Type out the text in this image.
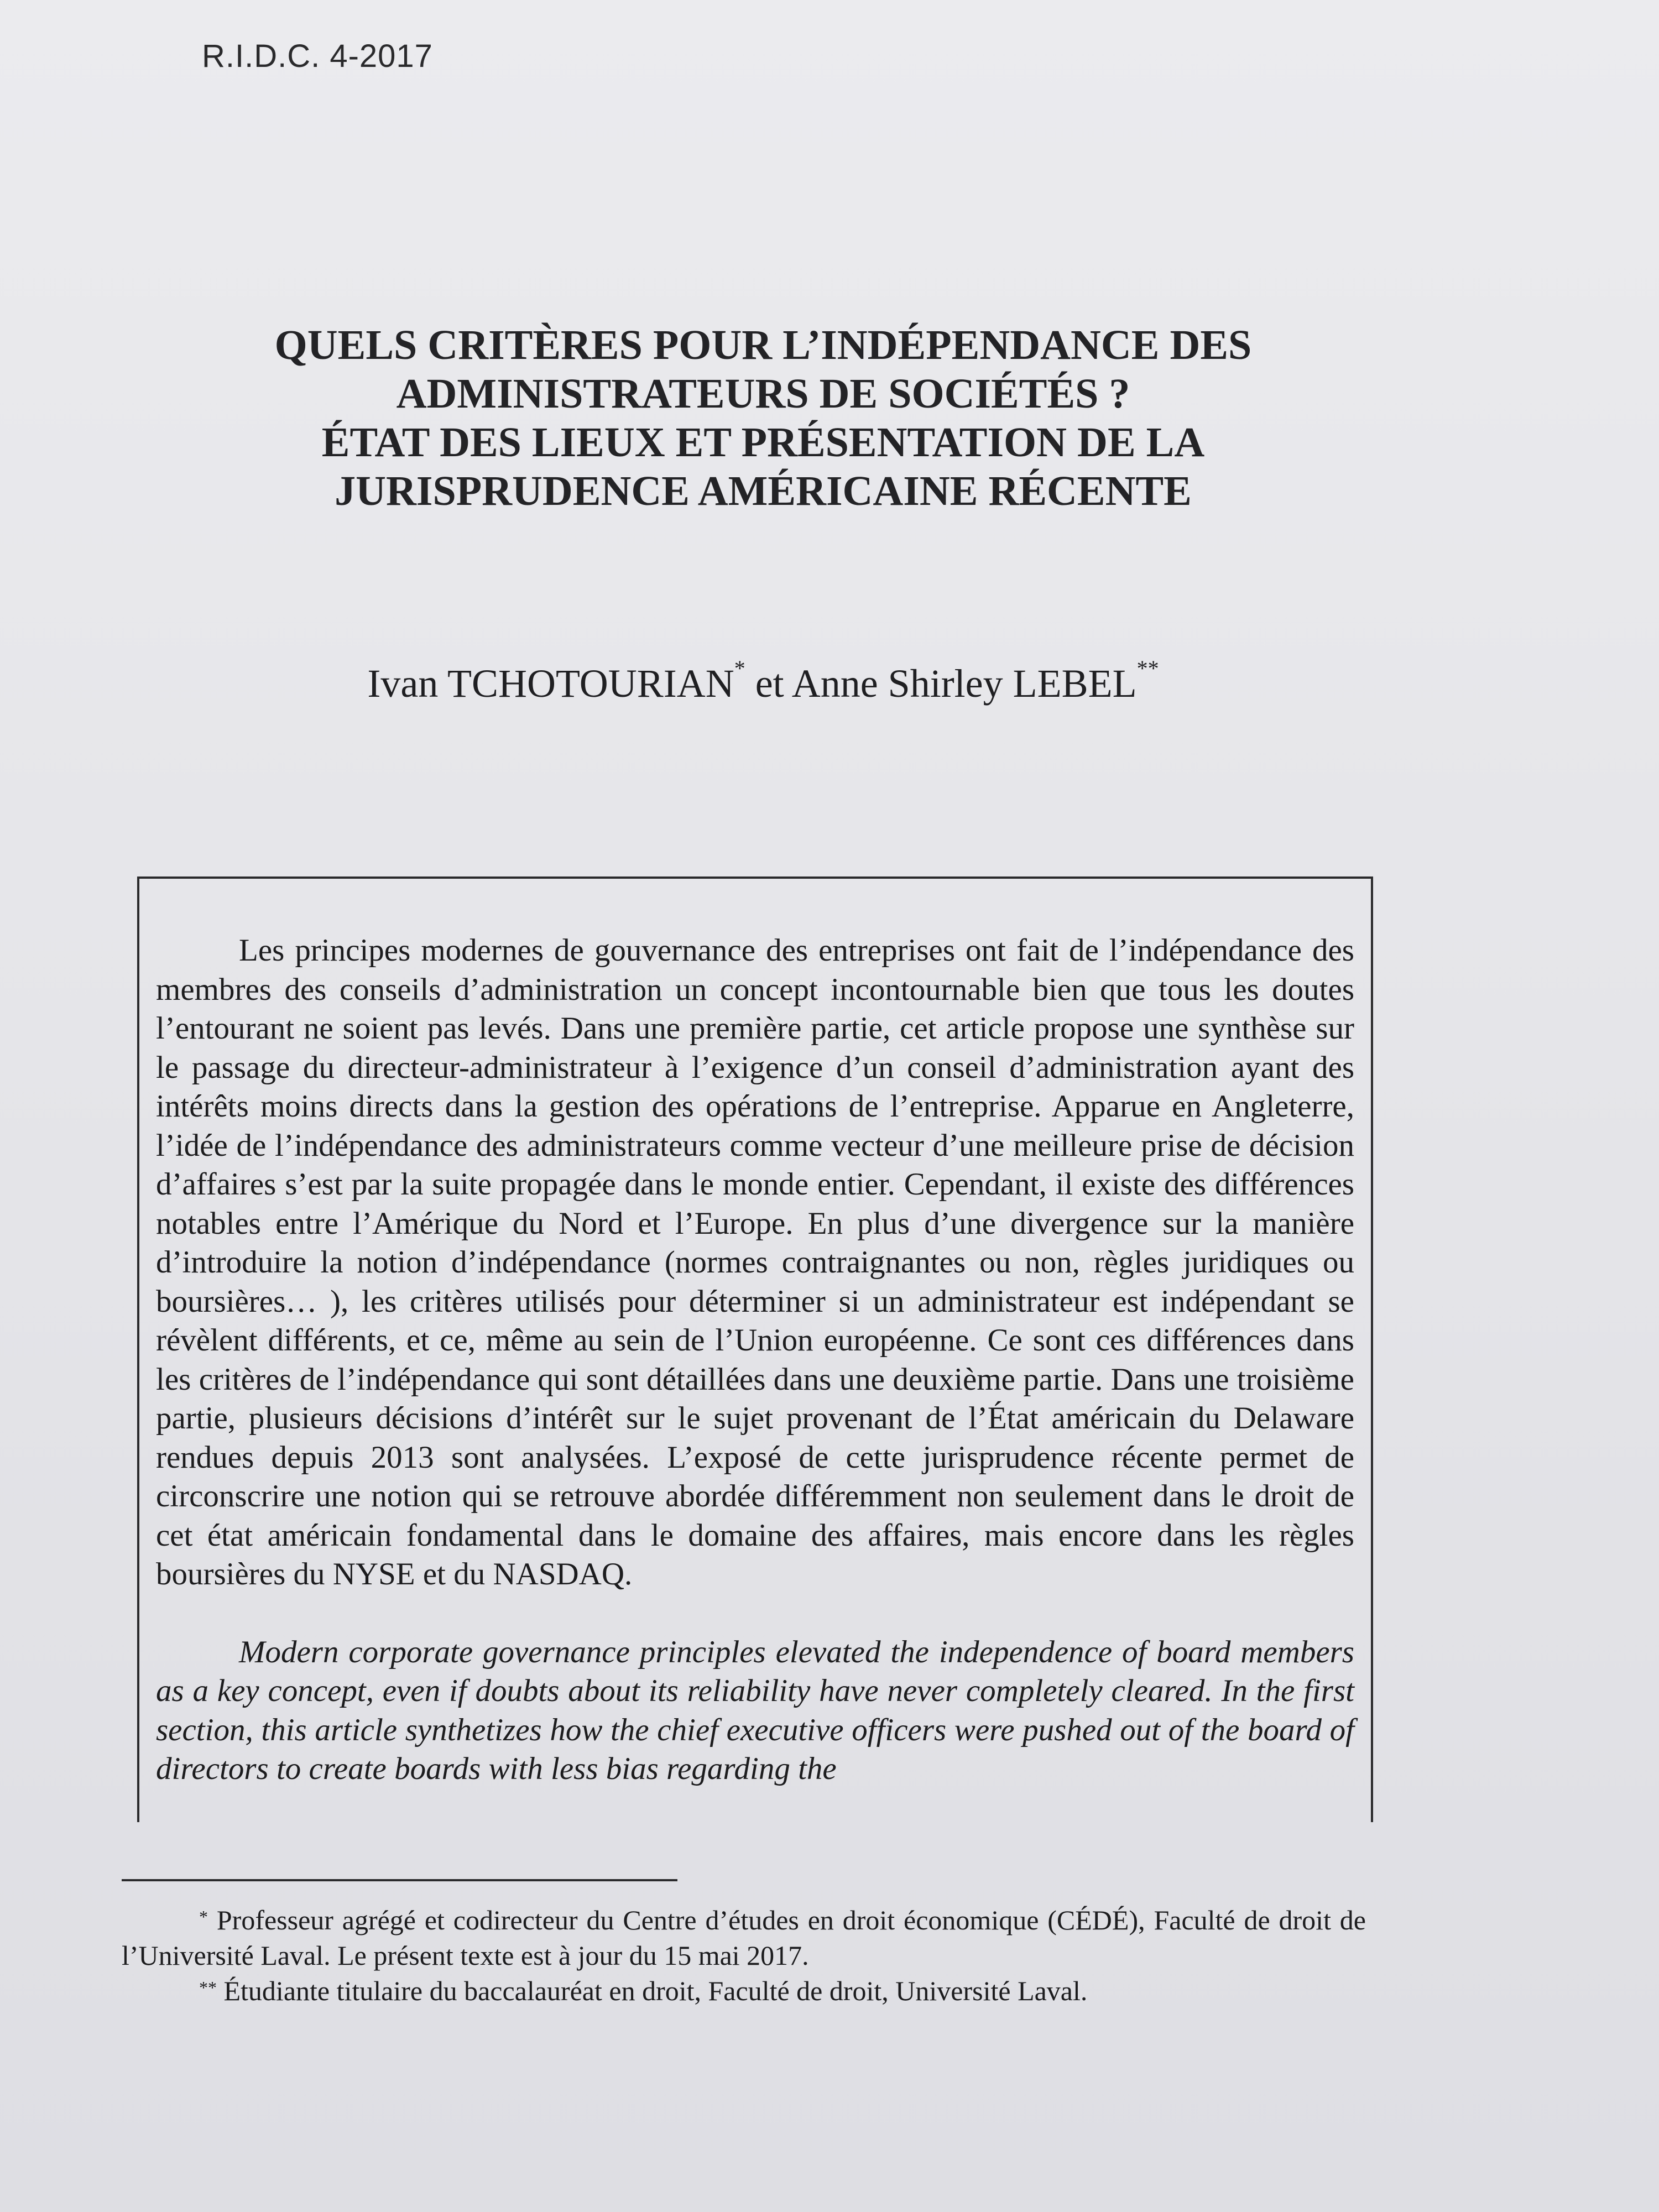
R.I.D.C. 4-2017
QUELS CRITÈRES POUR L’INDÉPENDANCE DES
ADMINISTRATEURS DE SOCIÉTÉS ?
ÉTAT DES LIEUX ET PRÉSENTATION DE LA
JURISPRUDENCE AMÉRICAINE RÉCENTE
Ivan TCHOTOURIAN* et Anne Shirley LEBEL**

Les principes modernes de gouvernance des entreprises ont fait de l’indépendance des membres des conseils d’administration un concept incontournable bien que tous les doutes l’entourant ne soient pas levés. Dans une première partie, cet article propose une synthèse sur le passage du directeur-administrateur à l’exigence d’un conseil d’administration ayant des intérêts moins directs dans la gestion des opérations de l’entreprise. Apparue en Angleterre, l’idée de l’indépendance des administrateurs comme vecteur d’une meilleure prise de décision d’affaires s’est par la suite propagée dans le monde entier. Cependant, il existe des différences notables entre l’Amérique du Nord et l’Europe. En plus d’une divergence sur la manière d’introduire la notion d’indépendance (normes contraignantes ou non, règles juridiques ou boursières… ), les critères utilisés pour déterminer si un administrateur est indépendant se révèlent différents, et ce, même au sein de l’Union européenne. Ce sont ces différences dans les critères de l’indépendance qui sont détaillées dans une deuxième partie. Dans une troisième partie, plusieurs décisions d’intérêt sur le sujet provenant de l’État américain du Delaware rendues depuis 2013 sont analysées. L’exposé de cette jurisprudence récente permet de circonscrire une notion qui se retrouve abordée différemment non seulement dans le droit de cet état américain fondamental dans le domaine des affaires, mais encore dans les règles boursières du NYSE et du NASDAQ.

Modern corporate governance principles elevated the independence of board members as a key concept, even if doubts about its reliability have never completely cleared. In the first section, this article synthetizes how the chief executive officers were pushed out of the board of directors to create boards with less bias regarding the

* Professeur agrégé et codirecteur du Centre d’études en droit économique (CÉDÉ), Faculté de droit de l’Université Laval. Le présent texte est à jour du 15 mai 2017.

** Étudiante titulaire du baccalauréat en droit, Faculté de droit, Université Laval.
